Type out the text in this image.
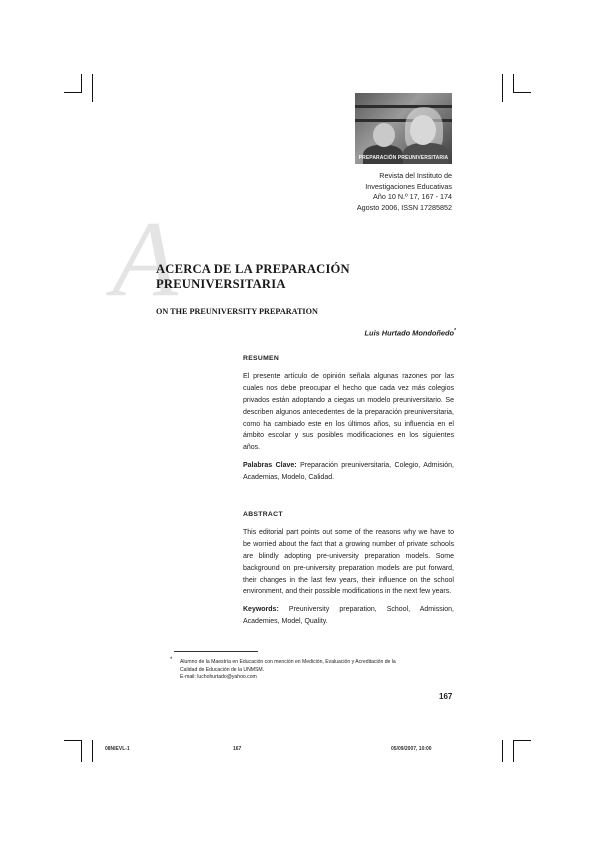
PREPARACIÓN PREUNIVERSITARIA
Revista del Instituto de
Investigaciones Educativas
Año 10 N.º 17, 167 - 174
Agosto 2006, ISSN 17285852
A
ACERCA DE LA PREPARACIÓN
PREUNIVERSITARIA
ON THE PREUNIVERSITY PREPARATION
Luis Hurtado Mondoñedo*
RESUMEN
El presente artículo de opinión señala algunas razones por las cuales nos debe preocupar el hecho que cada vez más colegios privados están adoptando a ciegas un modelo preuniversitario. Se describen algunos antecedentes de la preparación preuniversitaria, como ha cambiado este en los últimos años, su influencia en el ámbito escolar y sus posibles modificaciones en los siguientes años.
Palabras Clave: Preparación preuniversitaria, Colegio, Admisión, Academias, Modelo, Calidad.
ABSTRACT
This editorial part points out some of the reasons why we have to be worried about the fact that a growing number of private schools are blindly adopting pre-university preparation models. Some background on pre-university preparation models are put forward, their changes in the last few years, their influence on the school environment, and their possible modifications in the next few years.
Keywords: Preuniversity preparation, School, Admission, Academies, Model, Quality.
* Alumno de la Maestría en Educación con mención en Medición, Evaluación y Acreditación de la
Calidad de Educación de la UNMSM.
E-mail: luchohurtado@yahoo.com
167
08NIEVL-1	167	05/09/2007, 10:00
